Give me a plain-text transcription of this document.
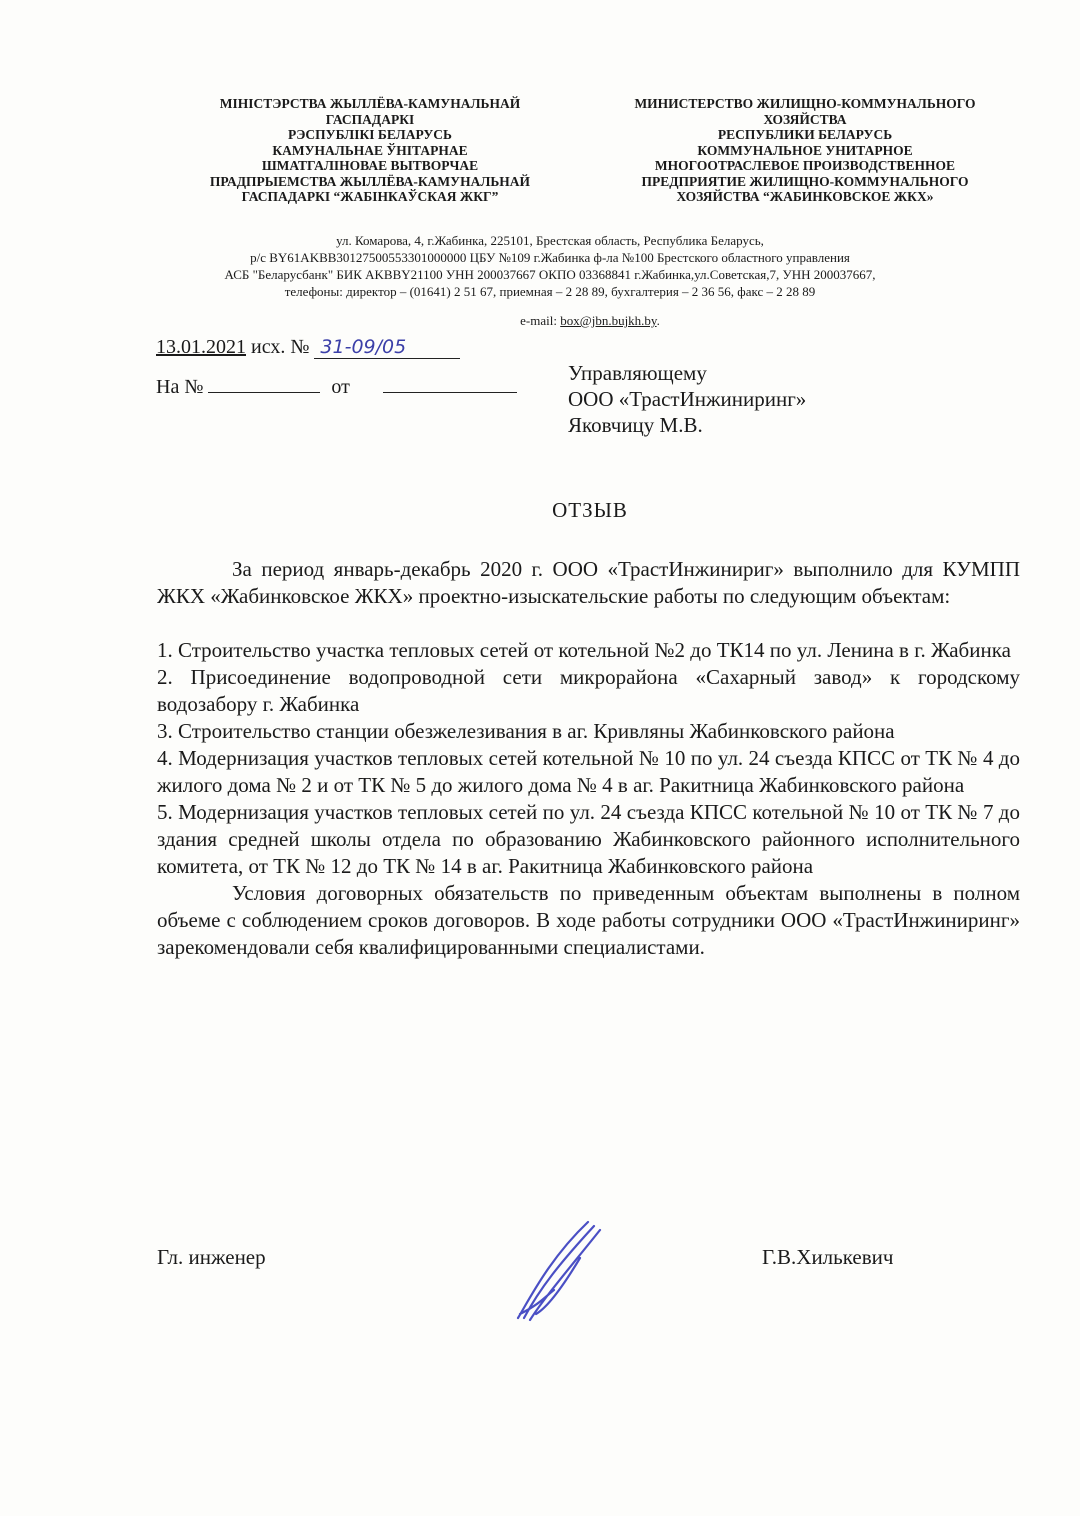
МІНІСТЭРСТВА ЖЫЛЛЁВА-КАМУНАЛЬНАЙ
ГАСПАДАРКІ
РЭСПУБЛІКІ БЕЛАРУСЬ
КАМУНАЛЬНАЕ ЎНІТАРНАЕ
ШМАТГАЛІНОВАЕ ВЫТВОРЧАЕ
ПРАДПРЫЕМСТВА ЖЫЛЛЁВА-КАМУНАЛЬНАЙ
ГАСПАДАРКІ “ЖАБІНКАЎСКАЯ ЖКГ”
МИНИСТЕРСТВО ЖИЛИЩНО-КОММУНАЛЬНОГО
ХОЗЯЙСТВА
РЕСПУБЛИКИ БЕЛАРУСЬ
КОММУНАЛЬНОЕ УНИТАРНОЕ
МНОГООТРАСЛЕВОЕ ПРОИЗВОДСТВЕННОЕ
ПРЕДПРИЯТИЕ ЖИЛИЩНО-КОММУНАЛЬНОГО
ХОЗЯЙСТВА “ЖАБИНКОВСКОЕ ЖКХ»
ул. Комарова, 4, г.Жабинка, 225101, Брестская область, Республика Беларусь,
р/с BY61AKBB30127500553301000000 ЦБУ №109 г.Жабинка ф-ла №100 Брестского областного управления
АСБ "Беларусбанк" БИК AKBBY21100 УНН 200037667 ОКПО 03368841 г.Жабинка,ул.Советская,7, УНН 200037667,
телефоны: директор – (01641) 2 51 67, приемная – 2 28 89, бухгалтерия – 2 36 56, факс – 2 28 89
e-mail: box@jbn.bujkh.by.
13.01.2021 исх. № 31-09/05
На №	от
Управляющему
ООО «ТрастИнжиниринг»
Яковчицу М.В.
ОТЗЫВ

За период январь-декабрь 2020 г. ООО «ТрастИнжинириг» выполнило для КУМПП ЖКХ «Жабинковское ЖКХ» проектно-изыскательские работы по следующим объектам:

1. Строительство участка тепловых сетей от котельной №2 до ТК14 по ул. Ленина в г. Жабинка

2. Присоединение водопроводной сети микрорайона «Сахарный завод» к городскому водозабору г. Жабинка

3. Строительство станции обезжелезивания в аг. Кривляны Жабинковского района

4. Модернизация участков тепловых сетей котельной № 10 по ул. 24 съезда КПСС от ТК № 4 до жилого дома № 2 и от ТК № 5 до жилого дома № 4 в аг. Ракитница Жабинковского района

5. Модернизация участков тепловых сетей по ул. 24 съезда КПСС котельной № 10 от ТК № 7 до здания средней школы отдела по образованию Жабинковского районного исполнительного комитета, от ТК № 12 до ТК № 14 в аг. Ракитница Жабинковского района

Условия договорных обязательств по приведенным объектам выполнены в полном объеме с соблюдением сроков договоров. В ходе работы сотрудники ООО «ТрастИнжиниринг» зарекомендовали себя квалифицированными специалистами.

Гл. инженер	Г.В.Хилькевич
